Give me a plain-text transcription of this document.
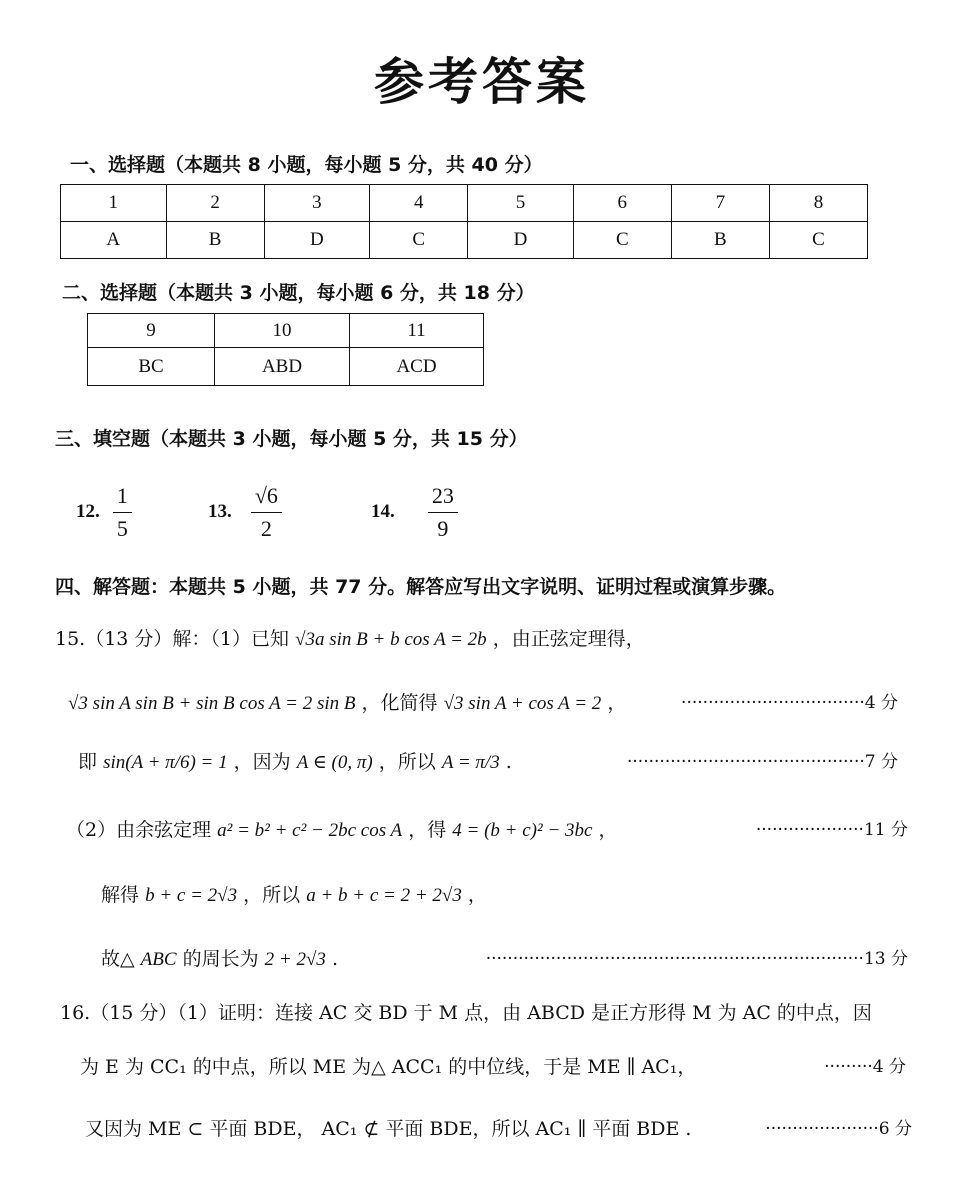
参考答案
一、选择题（本题共 8 小题，每小题 5 分，共 40 分）
1	2	3	4	5	6	7	8
A	B	D	C	D	C	B	C
二、选择题（本题共 3 小题，每小题 6 分，共 18 分）
9	10	11
BC	ABD	ACD
三、填空题（本题共 3 小题，每小题 5 分，共 15 分）
12. $\frac{1}{5}$	13. $\frac{√6}{2}$	14. $\frac{23}{9}$
四、解答题：本题共 5 小题，共 77 分。解答应写出文字说明、证明过程或演算步骤。
15.（13 分）解：（1）已知 √3a sin B + b cos A = 2b ，由正弦定理得，
√3 sin A sin B + sin B cos A = 2 sin B ，化简得 √3 sin A + cos A = 2 ，	··································4 分
即 sin(A + π/6) = 1 ，因为 A ∈ (0, π) ，所以 A = π/3 .	············································7 分
（2）由余弦定理 a² = b² + c² − 2bc cos A ，得 4 = (b + c)² − 3bc ，	····················11 分
解得 b + c = 2√3 ，所以 a + b + c = 2 + 2√3 ，
故△ ABC 的周长为 2 + 2√3 .	······································································13 分
16.（15 分）（1）证明：连接 AC 交 BD 于 M 点，由 ABCD 是正方形得 M 为 AC 的中点，因
为 E 为 CC₁ 的中点，所以 ME 为△ ACC₁ 的中位线，于是 ME ∥ AC₁，	·········4 分
又因为 ME ⊂ 平面 BDE， AC₁ ⊄ 平面 BDE，所以 AC₁ ∥ 平面 BDE .	·····················6 分
